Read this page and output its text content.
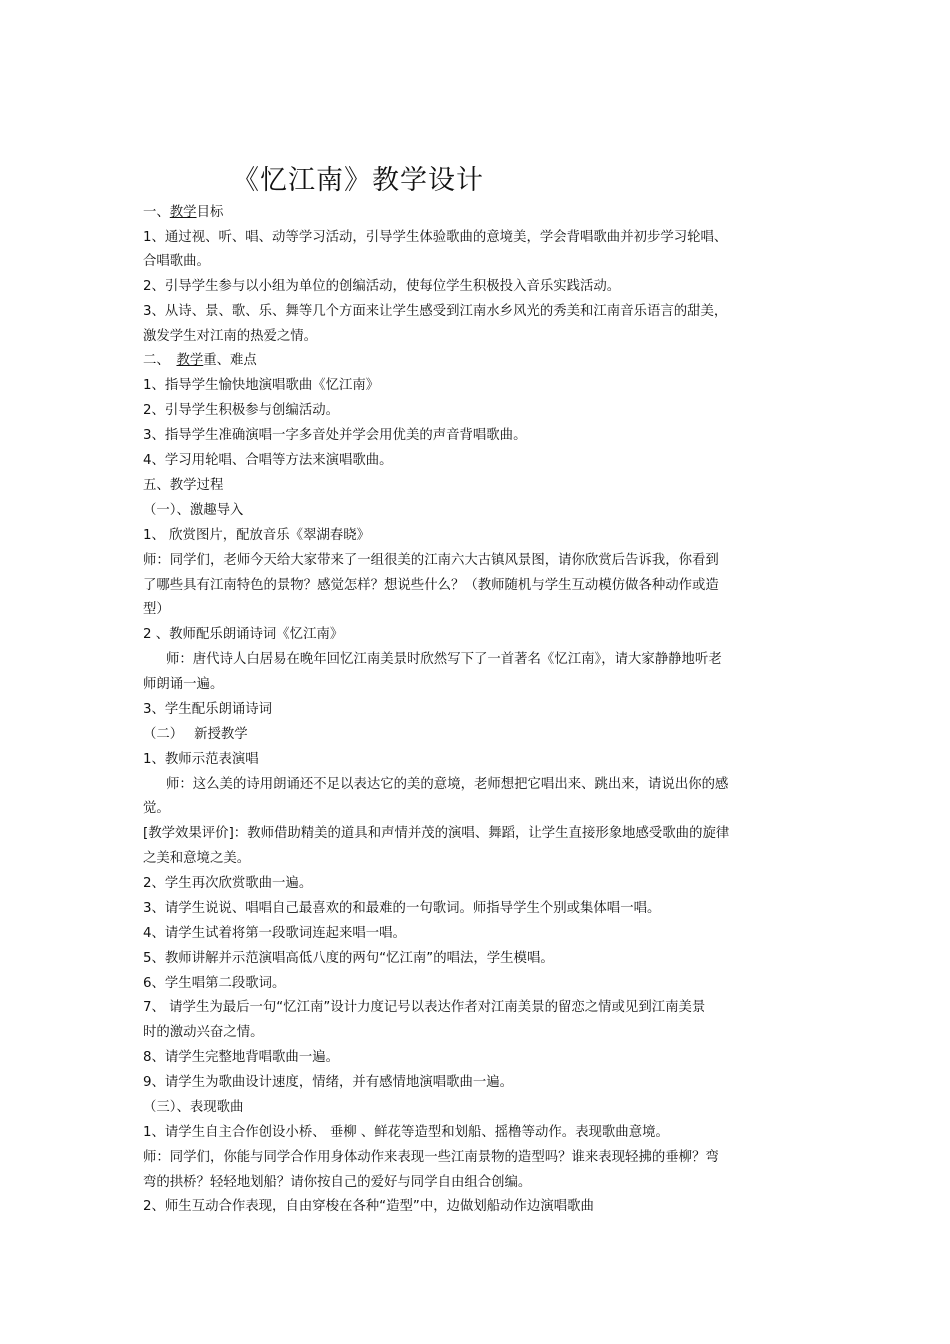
《忆江南》教学设计
一、教学目标
1、通过视、听、唱、动等学习活动，引导学生体验歌曲的意境美，学会背唱歌曲并初步学习轮唱、
合唱歌曲。
2、引导学生参与以小组为单位的创编活动，使每位学生积极投入音乐实践活动。
3、从诗、景、歌、乐、舞等几个方面来让学生感受到江南水乡风光的秀美和江南音乐语言的甜美，
激发学生对江南的热爱之情。
二、　教学重、难点
1、指导学生愉快地演唱歌曲《忆江南》
2、引导学生积极参与创编活动。
3、指导学生准确演唱一字多音处并学会用优美的声音背唱歌曲。
4、学习用轮唱、合唱等方法来演唱歌曲。
五、教学过程
（一）、激趣导入
1、 欣赏图片，配放音乐《翠湖春晓》
师：同学们，老师今天给大家带来了一组很美的江南六大古镇风景图，请你欣赏后告诉我，你看到
了哪些具有江南特色的景物？感觉怎样？想说些什么？（教师随机与学生互动模仿做各种动作或造
型）
2 、教师配乐朗诵诗词《忆江南》
师：唐代诗人白居易在晚年回忆江南美景时欣然写下了一首著名《忆江南》，请大家静静地听老
师朗诵一遍。
3、学生配乐朗诵诗词
（二）　 新授教学
1、教师示范表演唱
师：这么美的诗用朗诵还不足以表达它的美的意境，老师想把它唱出来、跳出来，请说出你的感
觉。
[教学效果评价]：教师借助精美的道具和声情并茂的演唱、舞蹈，让学生直接形象地感受歌曲的旋律
之美和意境之美。
2、学生再次欣赏歌曲一遍。
3、请学生说说、唱唱自己最喜欢的和最难的一句歌词。师指导学生个别或集体唱一唱。
4、请学生试着将第一段歌词连起来唱一唱。
5、教师讲解并示范演唱高低八度的两句“忆江南”的唱法，学生模唱。
6、学生唱第二段歌词。
7、 请学生为最后一句“忆江南”设计力度记号以表达作者对江南美景的留恋之情或见到江南美景
时的激动兴奋之情。
8、请学生完整地背唱歌曲一遍。
9、请学生为歌曲设计速度，情绪，并有感情地演唱歌曲一遍。
（三）、表现歌曲
1、请学生自主合作创设小桥、 垂柳 、鲜花等造型和划船、摇橹等动作。表现歌曲意境。
师：同学们，你能与同学合作用身体动作来表现一些江南景物的造型吗？谁来表现轻拂的垂柳？弯
弯的拱桥？轻轻地划船？请你按自己的爱好与同学自由组合创编。
2、师生互动合作表现，自由穿梭在各种“造型”中，边做划船动作边演唱歌曲
